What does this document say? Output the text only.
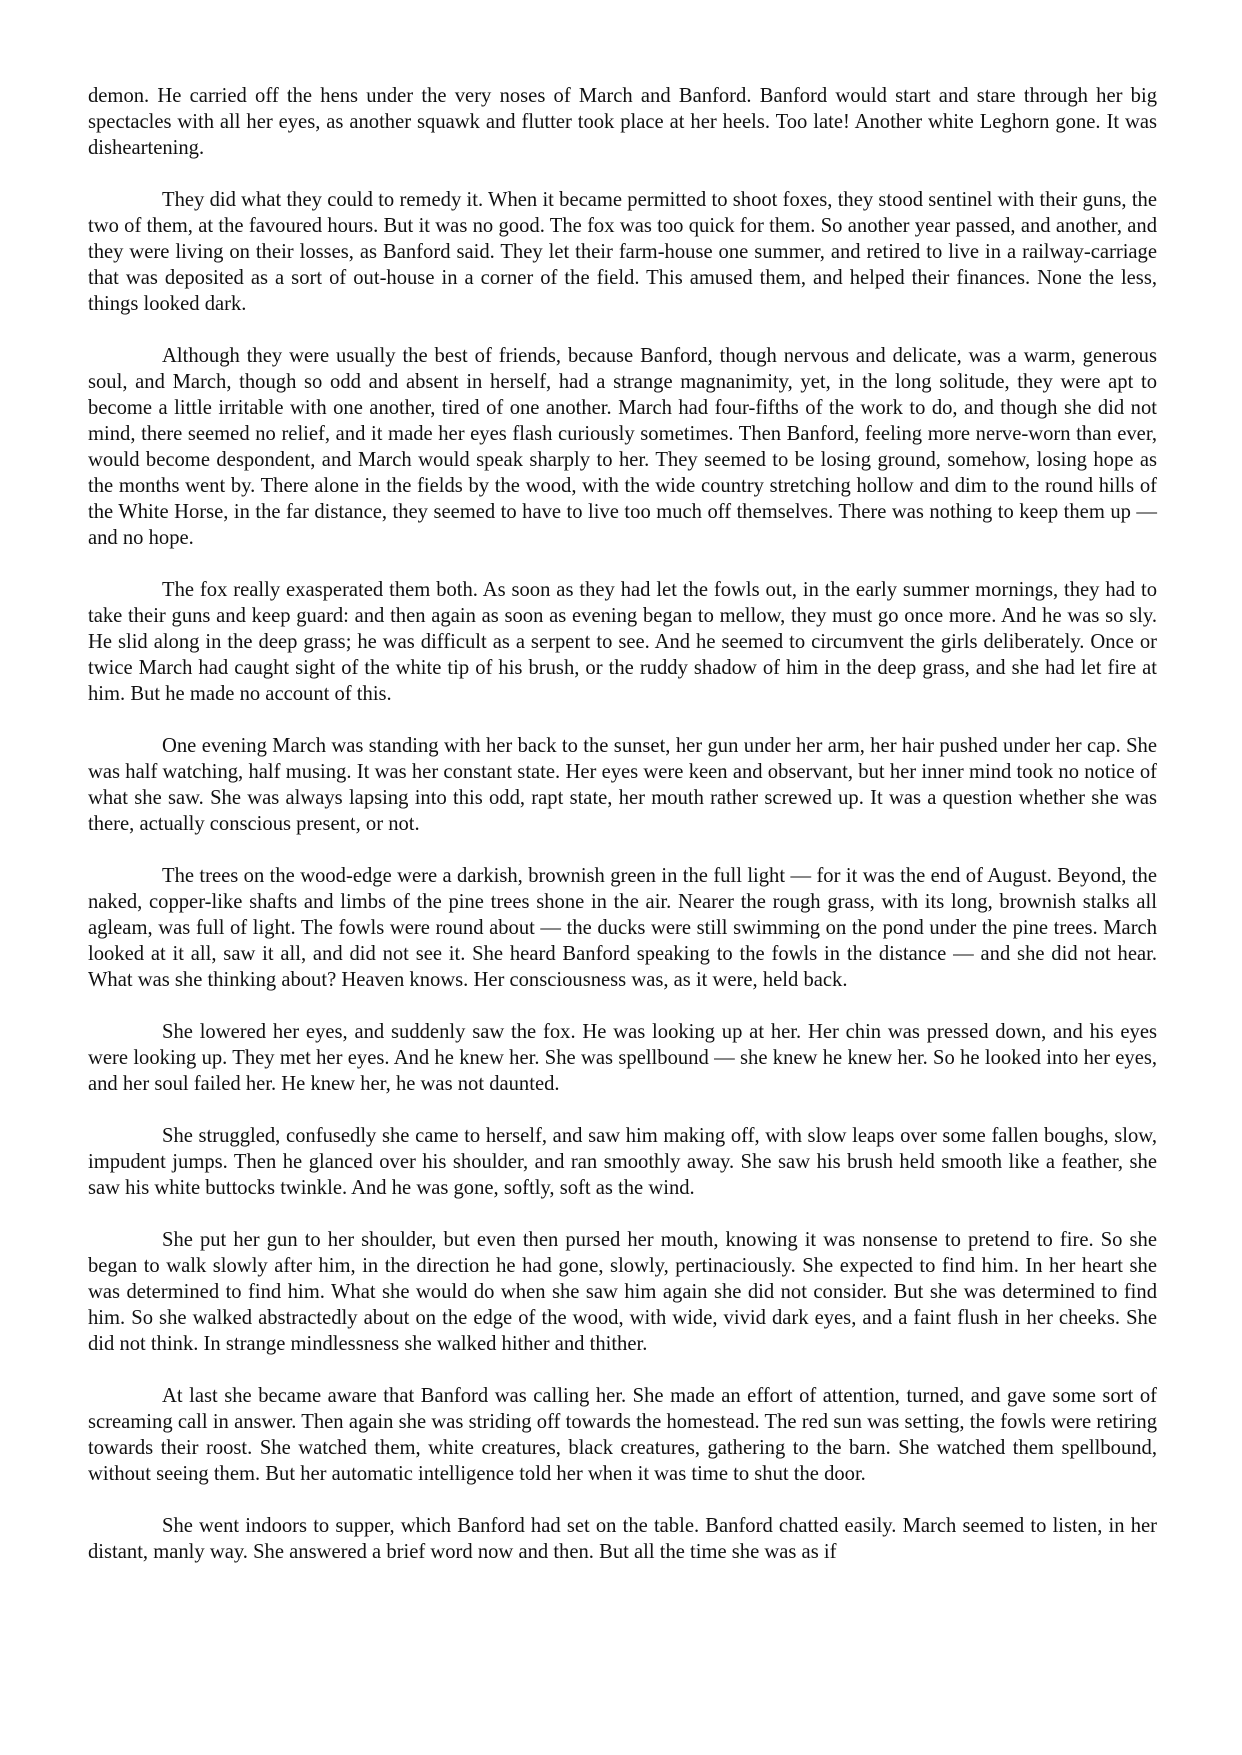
demon. He carried off the hens under the very noses of March and Banford. Banford would start and stare through her big spectacles with all her eyes, as another squawk and flutter took place at her heels. Too late! Another white Leghorn gone. It was disheartening.

They did what they could to remedy it. When it became permitted to shoot foxes, they stood sentinel with their guns, the two of them, at the favoured hours. But it was no good. The fox was too quick for them. So another year passed, and another, and they were living on their losses, as Banford said. They let their farm-house one summer, and retired to live in a railway-carriage that was deposited as a sort of out-house in a corner of the field. This amused them, and helped their finances. None the less, things looked dark.

Although they were usually the best of friends, because Banford, though nervous and delicate, was a warm, generous soul, and March, though so odd and absent in herself, had a strange magnanimity, yet, in the long solitude, they were apt to become a little irritable with one another, tired of one another. March had four-fifths of the work to do, and though she did not mind, there seemed no relief, and it made her eyes flash curiously sometimes. Then Banford, feeling more nerve-worn than ever, would become despondent, and March would speak sharply to her. They seemed to be losing ground, somehow, losing hope as the months went by. There alone in the fields by the wood, with the wide country stretching hollow and dim to the round hills of the White Horse, in the far distance, they seemed to have to live too much off themselves. There was nothing to keep them up — and no hope.

The fox really exasperated them both. As soon as they had let the fowls out, in the early summer mornings, they had to take their guns and keep guard: and then again as soon as evening began to mellow, they must go once more. And he was so sly. He slid along in the deep grass; he was difficult as a serpent to see. And he seemed to circumvent the girls deliberately. Once or twice March had caught sight of the white tip of his brush, or the ruddy shadow of him in the deep grass, and she had let fire at him. But he made no account of this.

One evening March was standing with her back to the sunset, her gun under her arm, her hair pushed under her cap. She was half watching, half musing. It was her constant state. Her eyes were keen and observant, but her inner mind took no notice of what she saw. She was always lapsing into this odd, rapt state, her mouth rather screwed up. It was a question whether she was there, actually conscious present, or not.

The trees on the wood-edge were a darkish, brownish green in the full light — for it was the end of August. Beyond, the naked, copper-like shafts and limbs of the pine trees shone in the air. Nearer the rough grass, with its long, brownish stalks all agleam, was full of light. The fowls were round about — the ducks were still swimming on the pond under the pine trees. March looked at it all, saw it all, and did not see it. She heard Banford speaking to the fowls in the distance — and she did not hear. What was she thinking about? Heaven knows. Her consciousness was, as it were, held back.

She lowered her eyes, and suddenly saw the fox. He was looking up at her. Her chin was pressed down, and his eyes were looking up. They met her eyes. And he knew her. She was spellbound — she knew he knew her. So he looked into her eyes, and her soul failed her. He knew her, he was not daunted.

She struggled, confusedly she came to herself, and saw him making off, with slow leaps over some fallen boughs, slow, impudent jumps. Then he glanced over his shoulder, and ran smoothly away. She saw his brush held smooth like a feather, she saw his white buttocks twinkle. And he was gone, softly, soft as the wind.

She put her gun to her shoulder, but even then pursed her mouth, knowing it was nonsense to pretend to fire. So she began to walk slowly after him, in the direction he had gone, slowly, pertinaciously. She expected to find him. In her heart she was determined to find him. What she would do when she saw him again she did not consider. But she was determined to find him. So she walked abstractedly about on the edge of the wood, with wide, vivid dark eyes, and a faint flush in her cheeks. She did not think. In strange mindlessness she walked hither and thither.

At last she became aware that Banford was calling her. She made an effort of attention, turned, and gave some sort of screaming call in answer. Then again she was striding off towards the homestead. The red sun was setting, the fowls were retiring towards their roost. She watched them, white creatures, black creatures, gathering to the barn. She watched them spellbound, without seeing them. But her automatic intelligence told her when it was time to shut the door.

She went indoors to supper, which Banford had set on the table. Banford chatted easily. March seemed to listen, in her distant, manly way. She answered a brief word now and then. But all the time she was as if
